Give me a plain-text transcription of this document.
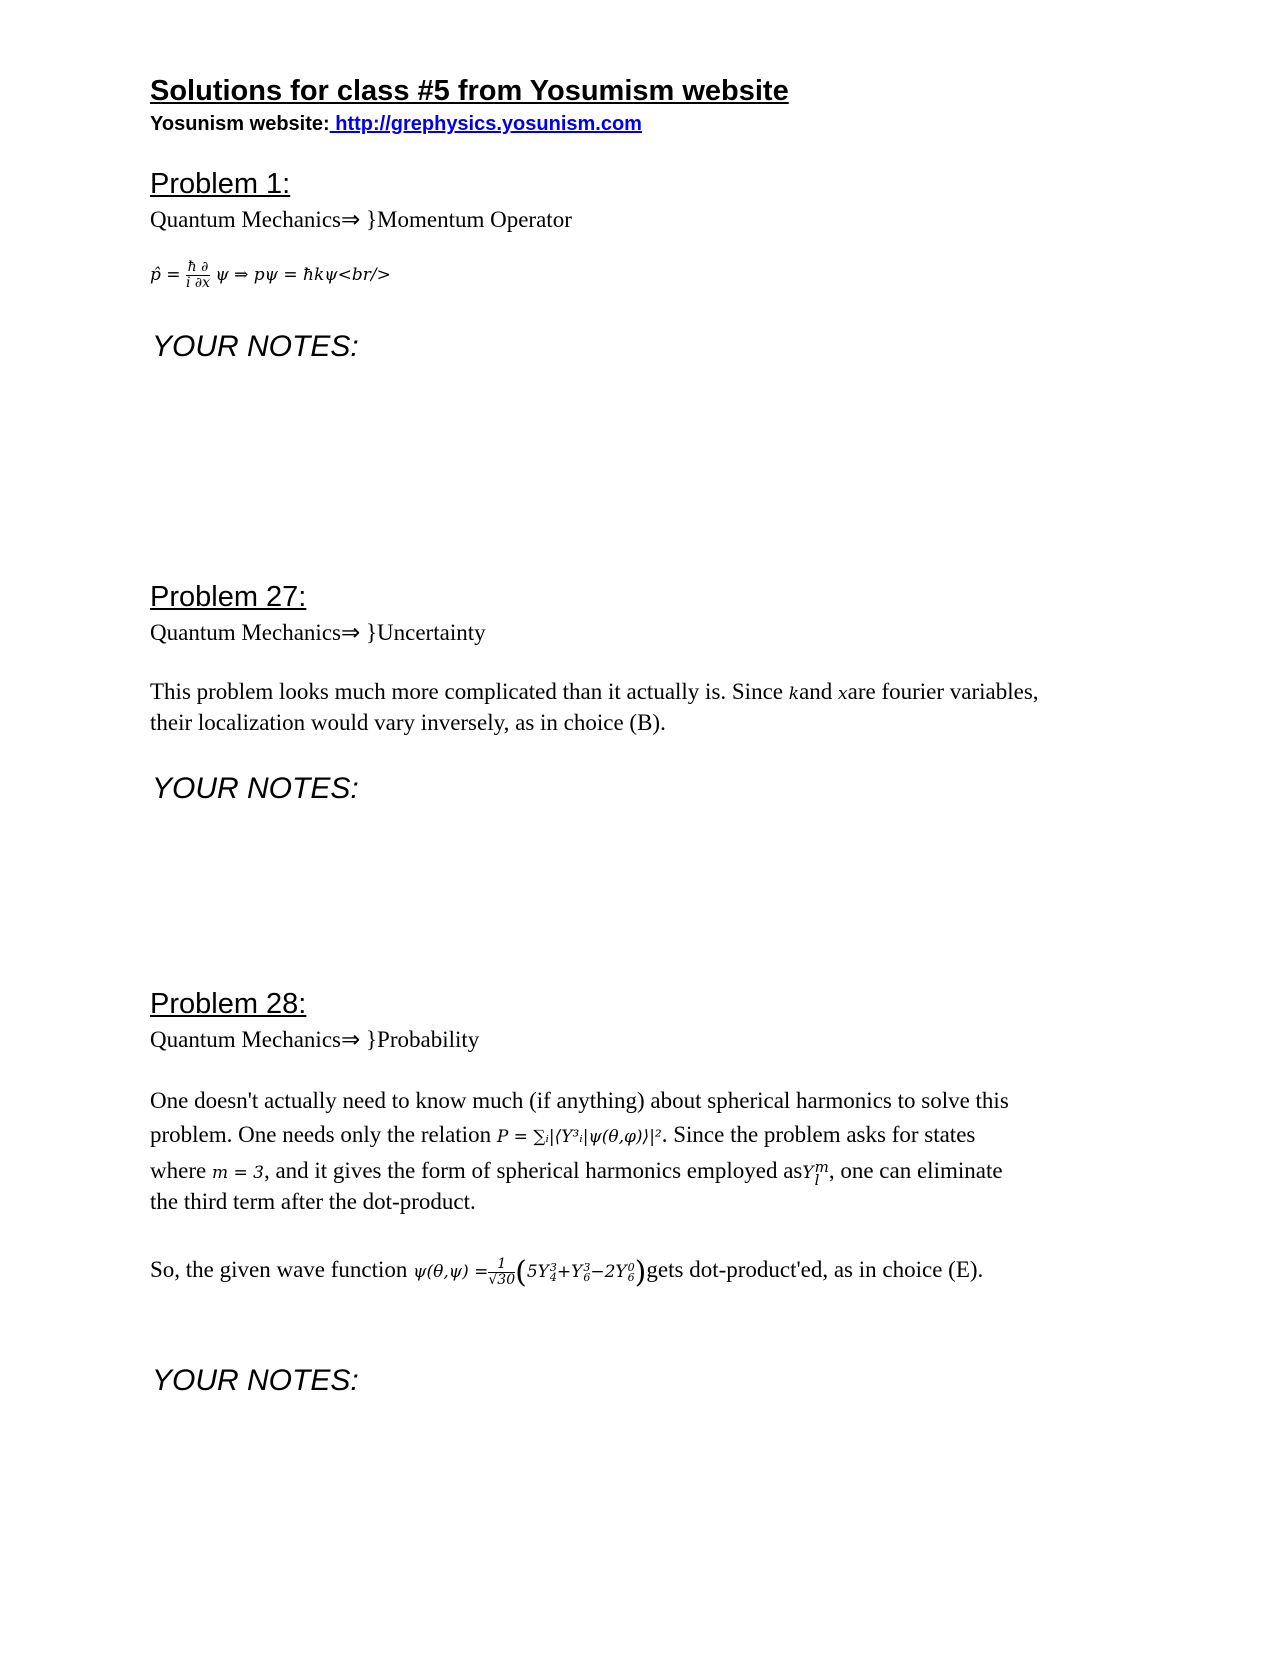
Solutions for class #5 from Yosumism website
Yosunism website: http://grephysics.yosunism.com
Problem 1:
Quantum Mechanics⇒ }Momentum Operator
p̂ = $\frac{ħ \partial}{i \partial x}$ ψ ⇒ pψ = ħkψ<br/>
YOUR NOTES:
Problem 27:
Quantum Mechanics⇒ }Uncertainty
This problem looks much more complicated than it actually is. Since kand xare fourier variables,
their localization would vary inversely, as in choice (B).
YOUR NOTES:
Problem 28:
Quantum Mechanics⇒ }Probability
One doesn't actually need to know much (if anything) about spherical harmonics to solve this
problem. One needs only the relation P = ∑ᵢ|⟨Y³ᵢ|ψ(θ,φ)⟩|². Since the problem asks for states
where m = 3, and it gives the form of spherical harmonics employed asY m
l , one can eliminate
the third term after the dot-product.
So, the given wave function $\psi(\theta,\psi) = \frac{1}{√30} (5Y$ 3
4 +Y 3
6 −2Y 0
6 )gets dot-product'ed, as in choice (E).
YOUR NOTES:
